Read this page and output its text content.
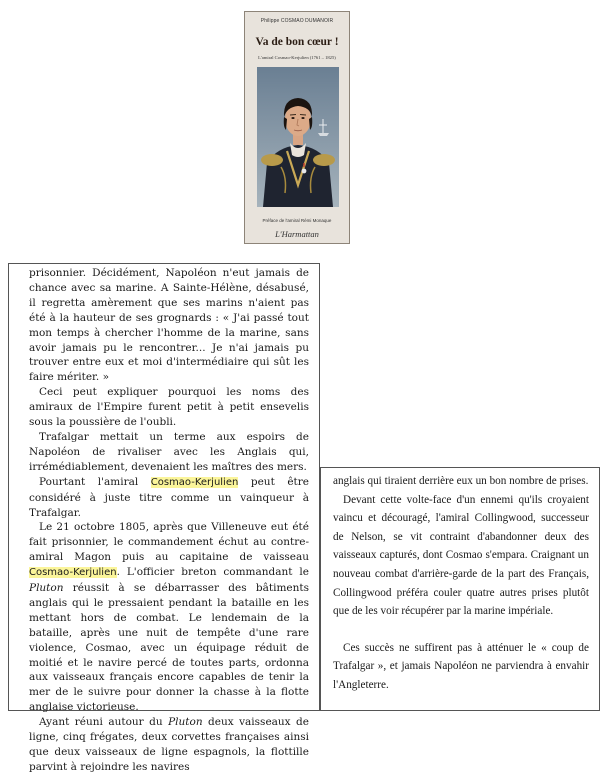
Philippe COSMAO DUMANOIR
Va de bon cœur !
L'amiral Cosmao-Kerjulien (1761 – 1825)
Préface de l'amiral Rémi Monaque
L'Harmattan

prisonnier. Décidément, Napoléon n'eut jamais de chance avec sa marine. A Sainte-Hélène, désabusé, il regretta amèrement que ses marins n'aient pas été à la hauteur de ses grognards : « J'ai passé tout mon temps à chercher l'homme de la marine, sans avoir jamais pu le rencontrer... Je n'ai jamais pu trouver entre eux et moi d'intermédiaire qui sût les faire mériter. »

Ceci peut expliquer pourquoi les noms des amiraux de l'Empire furent petit à petit ensevelis sous la poussière de l'oubli.

Trafalgar mettait un terme aux espoirs de Napoléon de rivaliser avec les Anglais qui, irrémédiablement, devenaient les maîtres des mers.

Pourtant l'amiral Cosmao-Kerjulien peut être considéré à juste titre comme un vainqueur à Trafalgar.

Le 21 octobre 1805, après que Villeneuve eut été fait prisonnier, le commandement échut au contre-amiral Magon puis au capitaine de vaisseau Cosmao-Kerjulien. L'officier breton commandant le Pluton réussit à se débarrasser des bâtiments anglais qui le pressaient pendant la bataille en les mettant hors de combat. Le lendemain de la bataille, après une nuit de tempête d'une rare violence, Cosmao, avec un équipage réduit de moitié et le navire percé de toutes parts, ordonna aux vaisseaux français encore capables de tenir la mer de le suivre pour donner la chasse à la flotte anglaise victorieuse.

Ayant réuni autour du Pluton deux vaisseaux de ligne, cinq frégates, deux corvettes françaises ainsi que deux vaisseaux de ligne espagnols, la flottille parvint à rejoindre les navires

anglais qui tiraient derrière eux un bon nombre de prises.

Devant cette volte-face d'un ennemi qu'ils croyaient vaincu et découragé, l'amiral Collingwood, successeur de Nelson, se vit contraint d'abandonner deux des vaisseaux capturés, dont Cosmao s'empara. Craignant un nouveau combat d'arrière-garde de la part des Français, Collingwood préféra couler quatre autres prises plutôt que de les voir récupérer par la marine impériale.

Ces succès ne suffirent pas à atténuer le « coup de Trafalgar », et jamais Napoléon ne parviendra à envahir l'Angleterre.
